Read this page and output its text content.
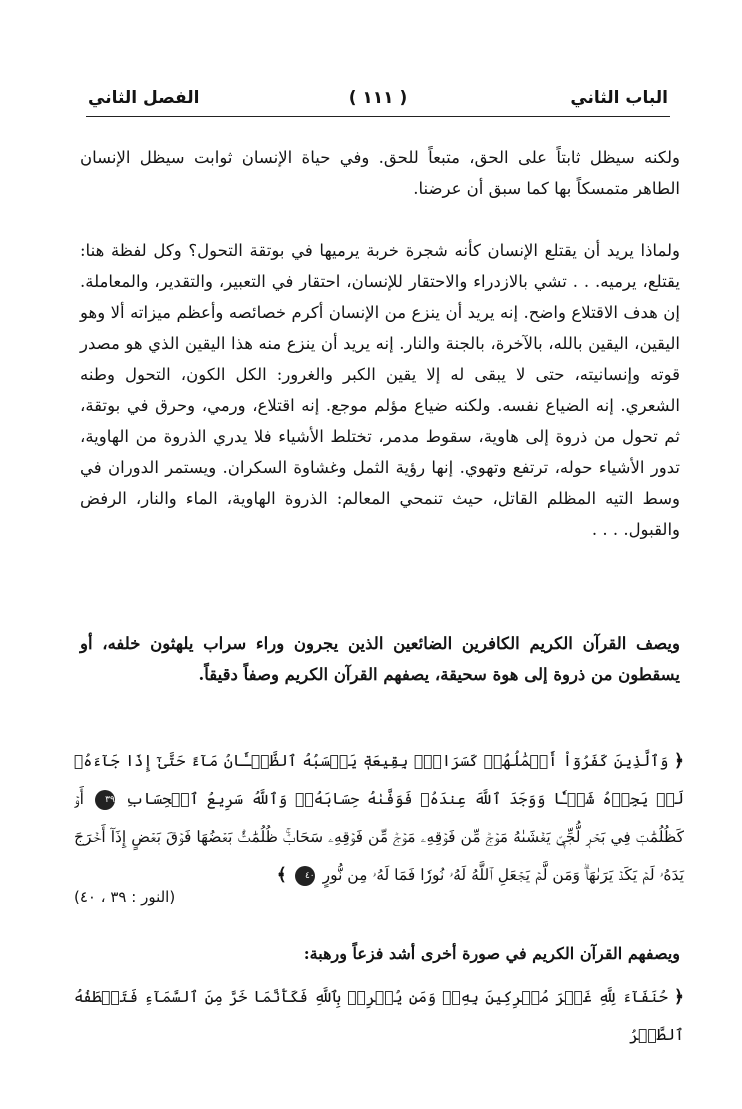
الباب الثاني
( ١١١ )
الفصل الثاني

ولكنه سيظل ثابتاً على الحق، متبعاً للحق. وفي حياة الإنسان ثوابت سيظل الإنسان الطاهر متمسكاً بها كما سبق أن عرضنا.

ولماذا يريد أن يقتلع الإنسان كأنه شجرة خربة يرميها في بوتقة التحول؟ وكل لفظة هنا: يقتلع، يرميه. . . تشي بالازدراء والاحتقار للإنسان، احتقار في التعبير، والتقدير، والمعاملة. إن هدف الاقتلاع واضح. إنه يريد أن ينزع من الإنسان أكرم خصائصه وأعظم ميزاته ألا وهو اليقين، اليقين بالله، بالآخرة، بالجنة والنار. إنه يريد أن ينزع منه هذا اليقين الذي هو مصدر قوته وإنسانيته، حتى لا يبقى له إلا يقين الكبر والغرور: الكل الكون، التحول وطنه الشعري. إنه الضياع نفسه. ولكنه ضياع مؤلم موجع. إنه اقتلاع، ورمي، وحرق في بوتقة، ثم تحول من ذروة إلى هاوية، سقوط مدمر، تختلط الأشياء فلا يدري الذروة من الهاوية، تدور الأشياء حوله، ترتفع وتهوي. إنها رؤية الثمل وغشاوة السكران. ويستمر الدوران في وسط التيه المظلم القاتل، حيث تنمحي المعالم: الذروة الهاوية، الماء والنار، الرفض والقبول. . . .

ويصف القرآن الكريم الكافرين الضائعين الذين يجرون وراء سراب يلهثون خلفه، أو يسقطون من ذروة إلى هوة سحيقة، يصفهم القرآن الكريم وصفاً دقيقاً.

﴿ وَٱلَّذِينَ كَفَرُوٓاْ أَعۡمَٰلُهُمۡ كَسَرَابِۭ بِقِيعَةٖ يَحۡسَبُهُ ٱلظَّمۡـَٔانُ مَآءً حَتَّىٰٓ إِذَا جَآءَهُۥ لَمۡ يَجِدۡهُ شَيۡـٔٗا وَوَجَدَ ٱللَّهَ عِندَهُۥ فَوَفَّىٰهُ حِسَابَهُۥۗ وَٱللَّهُ سَرِيعُ ٱلۡحِسَابِ ٣٩ أَوۡ كَظُلُمَٰتٖ فِي بَحۡرٖ لُّجِّيّٖ يَغۡشَىٰهُ مَوۡجٞ مِّن فَوۡقِهِۦ مَوۡجٞ مِّن فَوۡقِهِۦ سَحَابٞۚ ظُلُمَٰتُۢ بَعۡضُهَا فَوۡقَ بَعۡضٍ إِذَآ أَخۡرَجَ يَدَهُۥ لَمۡ يَكَدۡ يَرَىٰهَاۗ وَمَن لَّمۡ يَجۡعَلِ ٱللَّهُ لَهُۥ نُورٗا فَمَا لَهُۥ مِن نُّورٍ ٤٠ ﴾

(النور : ٣٩ ، ٤٠)

ويصفهم القرآن الكريم في صورة أخرى أشد فزعاً ورهبة:

﴿ حُنَفَآءَ لِلَّهِ غَيۡرَ مُشۡرِكِينَ بِهِۦۚ وَمَن يُشۡرِكۡ بِٱللَّهِ فَكَأَنَّمَا خَرَّ مِنَ ٱلسَّمَآءِ فَتَخۡطَفُهُ ٱلطَّيۡرُ
